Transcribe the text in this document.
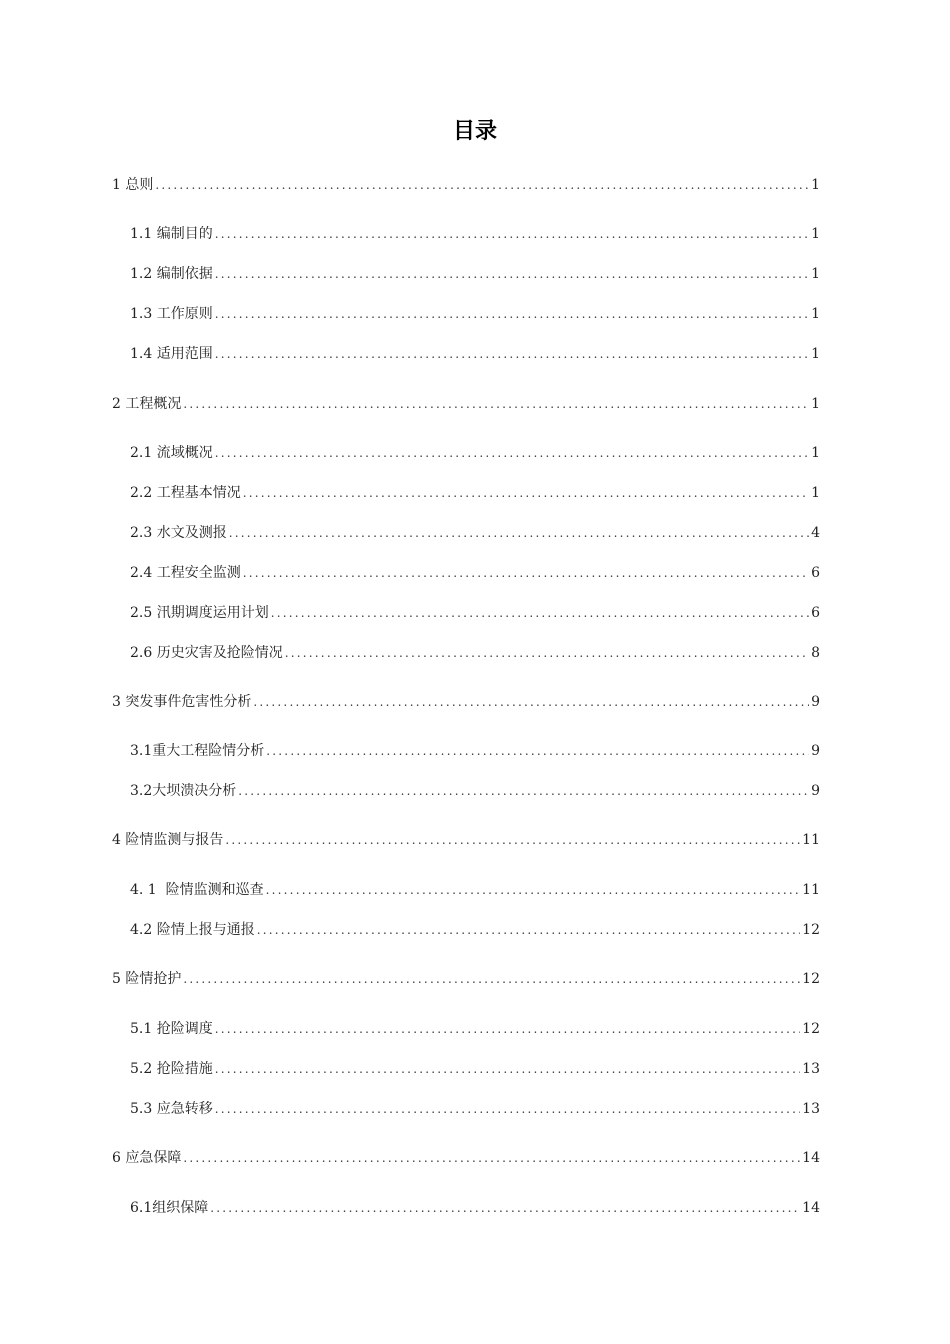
目录
1 总则 .....	1
1.1 编制目的 .....	1
1.2 编制依据 .....	1
1.3 工作原则 .....	1
1.4 适用范围 .....	1
2 工程概况 .....	1
2.1 流域概况 .....	1
2.2 工程基本情况 .....	1
2.3 水文及测报 .....	4
2.4 工程安全监测 .....	6
2.5 汛期调度运用计划 .....	6
2.6 历史灾害及抢险情况 .....	8
3 突发事件危害性分析 .....	9
3.1重大工程险情分析 .....	9
3.2大坝溃决分析 .....	9
4 险情监测与报告 .....	11
4. 1  险情监测和巡查 .....	11
4.2 险情上报与通报 .....	12
5 险情抢护 .....	12
5.1 抢险调度 .....	12
5.2 抢险措施 .....	13
5.3 应急转移 .....	13
6 应急保障 .....	14
6.1组织保障 .....	14
